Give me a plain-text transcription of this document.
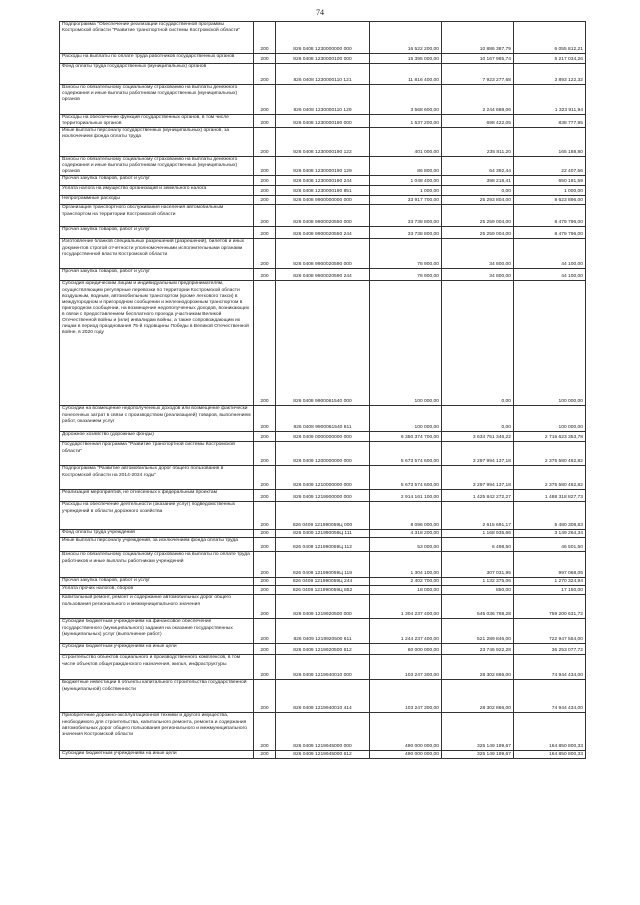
74
Подпрограмма "Обеспечение реализации государственной программы Костромской области "Развитие транспортной системы Костромской области"	200	826 0408 1230000000 000	16 522 200,00	10 886 387,79	6 055 812,21
Расходы на выплаты по оплате труда работников государственных органов	200	826 0408 1230000100 000	15 395 000,00	10 167 965,74	5 217 034,26
Фонд оплаты труда государственных (муниципальных) органов	200	826 0408 1230000110 121	11 816 400,00	7 923 277,68	3 893 122,32
Взносы по обязательному социальному страхованию на выплаты денежного содержания и иные выплаты работникам государственных (муниципальных) органов	200	826 0408 1230000110 129	3 568 600,00	2 244 688,06	1 323 911,94
Расходы на обеспечение функций государственных органов, в том числе территориальных органов	200	826 0408 1230000190 000	1 537 200,00	698 422,05	838 777,95
Иные выплаты персоналу государственных (муниципальных) органов, за исключением фонда оплаты труда	200	826 0408 1230000190 122	401 000,00	235 811,20	165 188,80
Взносы по обязательному социальному страхованию на выплаты денежного содержания и иные выплаты работникам государственных (муниципальных) органов	200	826 0408 1230000190 129	86 800,00	64 392,44	22 407,56
Прочая закупка товаров, работ и услуг	200	826 0408 1230000190 244	1 048 400,00	398 218,41	650 181,59
Уплата налога на имущество организаций и земельного налога	200	826 0408 1230000190 851	1 000,00	0,00	1 000,00
Непрограммные расходы	200	826 0408 9900000000 000	33 917 700,00	25 293 804,00	8 623 896,00
Организация транспортного обслуживания населения автомобильным транспортом на территории Костромской области	200	826 0408 9900020550 000	33 738 800,00	25 259 004,00	8 479 796,00
Прочая закупка товаров, работ и услуг	200	826 0408 9900020550 244	33 738 800,00	25 259 004,00	8 479 796,00
Изготовление бланков специальных разрешений (разрешений), билетов и иных документов строгой отчетности уполномоченными исполнительными органами государственной власти Костромской области	200	826 0408 9900020590 000	78 900,00	34 800,00	44 100,00
Прочая закупка товаров, работ и услуг	200	826 0408 9900020590 244	78 900,00	34 800,00	44 100,00
Субсидия юридическим лицам и индивидуальным предпринимателям, осуществляющим регулярные перевозки по территории Костромской области воздушным, водным, автомобильным транспортом (кроме легкового такси) в междугородном и пригородном сообщении и железнодорожным транспортом в пригородном сообщении, на возмещение недополученных доходов, возникающих в связи с предоставлением бесплатного проезда участникам Великой Отечественной войны и (или) инвалидам войны, а также сопровождающим их лицам в период празднования 75-й годовщины Победы в Великой Отечественной войне, в 2020 году	200	826 0408 9900061540 000	100 000,00	0,00	100 000,00
Субсидии на возмещение недополученных доходов или возмещение фактически понесенных затрат в связи с производством (реализацией) товаров, выполнением работ, оказанием услуг	200	826 0408 9900061540 811	100 000,00	0,00	100 000,00
Дорожное хозяйство (дорожные фонды)	200	826 0409 0000000000 000	6 350 374 700,00	3 634 751 346,22	2 715 623 353,78
Государственная программа "Развитие транспортной системы Костромской области"	200	826 0409 1200000000 000	5 673 574 600,00	3 297 994 137,18	2 375 580 462,82
Подпрограмма "Развитие автомобильных дорог общего пользования в Костромской области на 2014-2024 годы"	200	826 0409 1210000000 000	5 673 574 600,00	3 297 994 137,18	2 375 580 462,82
Реализация мероприятий, не отнесенных к федеральным проектам	200	826 0409 1219900000 000	2 914 161 100,00	1 425 842 272,27	1 488 318 827,73
Расходы на обеспечение деятельности (оказание услуг) подведомственных учреждений в области дорожного хозяйства	200	826 0409 121990059Ц 000	8 096 000,00	2 615 691,17	5 480 308,83
Фонд оплаты труда учреждений	200	826 0409 121990059Ц 111	4 318 200,00	1 168 935,66	3 149 264,34
Иные выплаты персоналу учреждений, за исключением фонда оплаты труда	200	826 0409 121990059Ц 112	53 000,00	6 498,50	46 501,50
Взносы по обязательному социальному страхованию на выплаты по оплате труда работников и иные выплаты работникам учреждений	200	826 0409 121990059Ц 119	1 304 100,00	307 031,95	997 068,05
Прочая закупка товаров, работ и услуг	200	826 0409 121990059Ц 244	2 402 700,00	1 132 375,06	1 270 324,94
Уплата прочих налогов, сборов	200	826 0409 121990059Ц 852	18 000,00	850,00	17 150,00
Капитальный ремонт, ремонт и содержание автомобильных дорог общего пользования регионального и межмуниципального значения	200	826 0409 1219920500 000	1 304 237 400,00	545 036 768,28	759 200 631,72
Субсидии бюджетным учреждениям на финансовое обеспечение государственного (муниципального) задания на оказание государственных (муниципальных) услуг (выполнение работ)	200	826 0409 1219920500 611	1 244 237 400,00	521 289 846,00	722 947 554,00
Субсидии бюджетным учреждениям на иные цели	200	826 0409 1219920500 612	60 000 000,00	23 746 922,28	36 253 077,72
Строительство объектов социального и производственного комплексов, в том числе объектов общегражданского назначения, жилья, инфраструктуры	200	826 0409 1219940010 000	103 247 300,00	28 302 866,00	74 944 434,00
Бюджетные инвестиции в объекты капитального строительства государственной (муниципальной) собственности	200	826 0409 1219940010 414	103 247 300,00	28 302 866,00	74 944 434,00
Приобретение дорожно-эксплуатационной техники и другого имущества, необходимого для строительства, капитального ремонта, ремонта и содержания автомобильных дорог общего пользования регионального и межмуниципального значения Костромской области	200	826 0409 1219945000 000	490 000 000,00	325 149 199,67	164 850 800,33
Субсидии бюджетным учреждениям на иные цели	200	826 0409 1219945000 612	490 000 000,00	325 149 199,67	164 850 800,33
